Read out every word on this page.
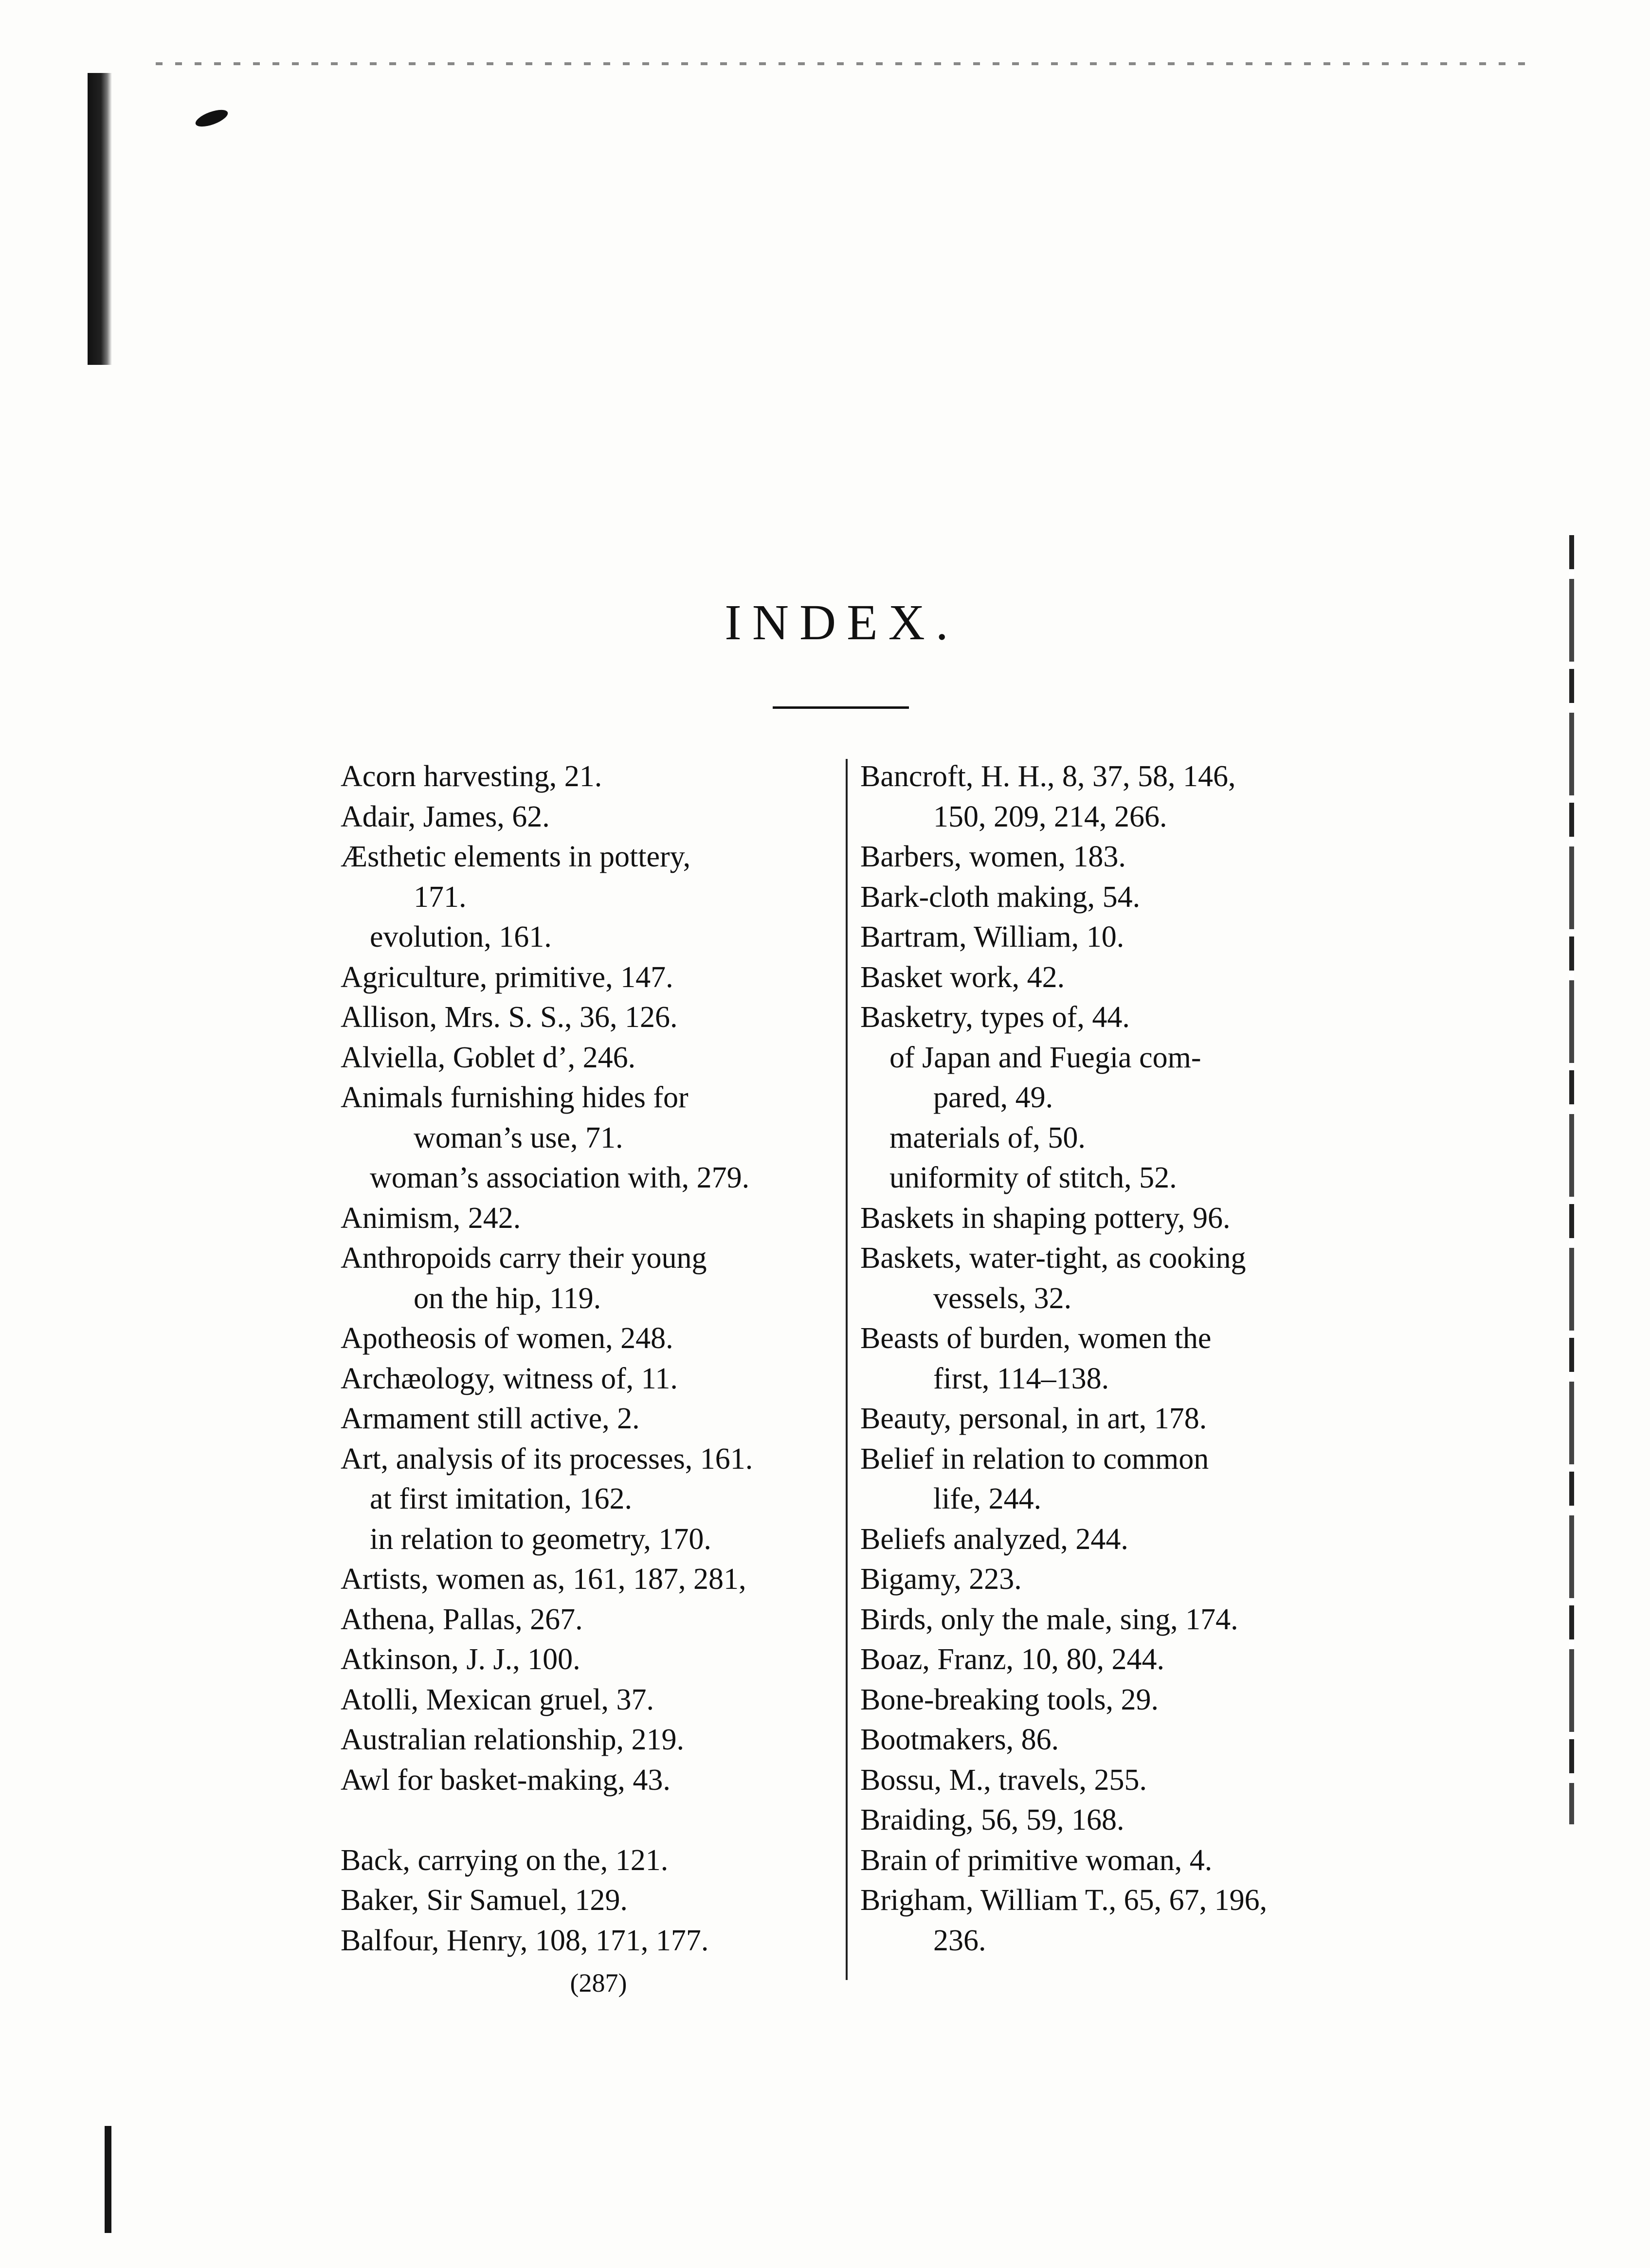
INDEX.
Acorn harvesting, 21.
Adair, James, 62.
Æsthetic elements in pottery,
171.
evolution, 161.
Agriculture, primitive, 147.
Allison, Mrs. S. S., 36, 126.
Alviella, Goblet d’, 246.
Animals furnishing hides for
woman’s use, 71.
woman’s association with, 279.
Animism, 242.
Anthropoids carry their young
on the hip, 119.
Apotheosis of women, 248.
Archæology, witness of, 11.
Armament still active, 2.
Art, analysis of its processes, 161.
at first imitation, 162.
in relation to geometry, 170.
Artists, women as, 161, 187, 281,
Athena, Pallas, 267.
Atkinson, J. J., 100.
Atolli, Mexican gruel, 37.
Australian relationship, 219.
Awl for basket-making, 43.
Back, carrying on the, 121.
Baker, Sir Samuel, 129.
Balfour, Henry, 108, 171, 177.
Bancroft, H. H., 8, 37, 58, 146,
150, 209, 214, 266.
Barbers, women, 183.
Bark-cloth making, 54.
Bartram, William, 10.
Basket work, 42.
Basketry, types of, 44.
of Japan and Fuegia com-
pared, 49.
materials of, 50.
uniformity of stitch, 52.
Baskets in shaping pottery, 96.
Baskets, water-tight, as cooking
vessels, 32.
Beasts of burden, women the
first, 114–138.
Beauty, personal, in art, 178.
Belief in relation to common
life, 244.
Beliefs analyzed, 244.
Bigamy, 223.
Birds, only the male, sing, 174.
Boaz, Franz, 10, 80, 244.
Bone-breaking tools, 29.
Bootmakers, 86.
Bossu, M., travels, 255.
Braiding, 56, 59, 168.
Brain of primitive woman, 4.
Brigham, William T., 65, 67, 196,
236.
(287)
